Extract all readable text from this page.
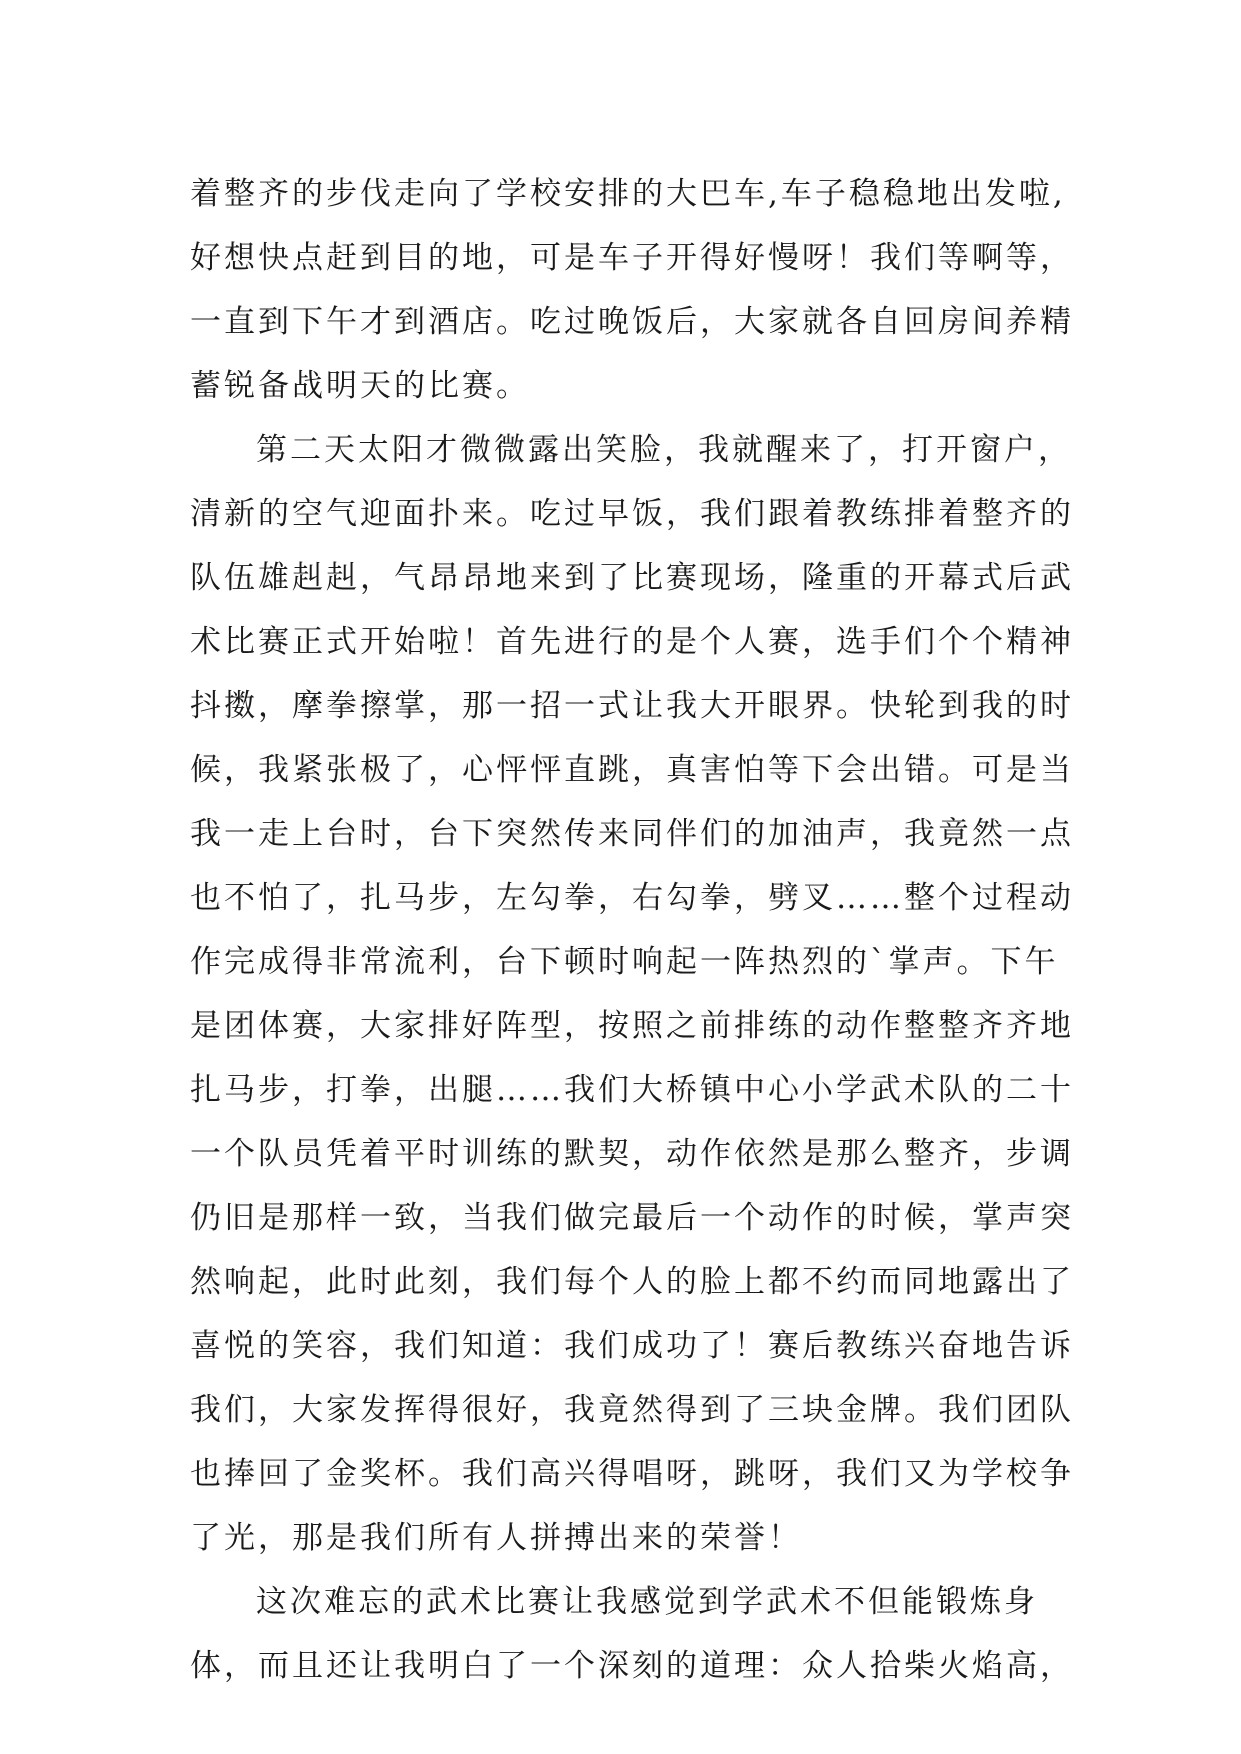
着整齐的步伐走向了学校安排的大巴车,车子稳稳地出发啦,
好想快点赶到目的地，可是车子开得好慢呀！我们等啊等，
一直到下午才到酒店。吃过晚饭后，大家就各自回房间养精
蓄锐备战明天的比赛。
第二天太阳才微微露出笑脸，我就醒来了，打开窗户，
清新的空气迎面扑来。吃过早饭，我们跟着教练排着整齐的
队伍雄赳赳，气昂昂地来到了比赛现场，隆重的开幕式后武
术比赛正式开始啦！首先进行的是个人赛，选手们个个精神
抖擞，摩拳擦掌，那一招一式让我大开眼界。快轮到我的时
候，我紧张极了，心怦怦直跳，真害怕等下会出错。可是当
我一走上台时，台下突然传来同伴们的加油声，我竟然一点
也不怕了，扎马步，左勾拳，右勾拳，劈叉……整个过程动
作完成得非常流利，台下顿时响起一阵热烈的`掌声。下午
是团体赛，大家排好阵型，按照之前排练的动作整整齐齐地
扎马步，打拳，出腿……我们大桥镇中心小学武术队的二十
一个队员凭着平时训练的默契，动作依然是那么整齐，步调
仍旧是那样一致，当我们做完最后一个动作的时候，掌声突
然响起，此时此刻，我们每个人的脸上都不约而同地露出了
喜悦的笑容，我们知道：我们成功了！赛后教练兴奋地告诉
我们，大家发挥得很好，我竟然得到了三块金牌。我们团队
也捧回了金奖杯。我们高兴得唱呀，跳呀，我们又为学校争
了光，那是我们所有人拼搏出来的荣誉！
这次难忘的武术比赛让我感觉到学武术不但能锻炼身
体，而且还让我明白了一个深刻的道理：众人拾柴火焰高，
